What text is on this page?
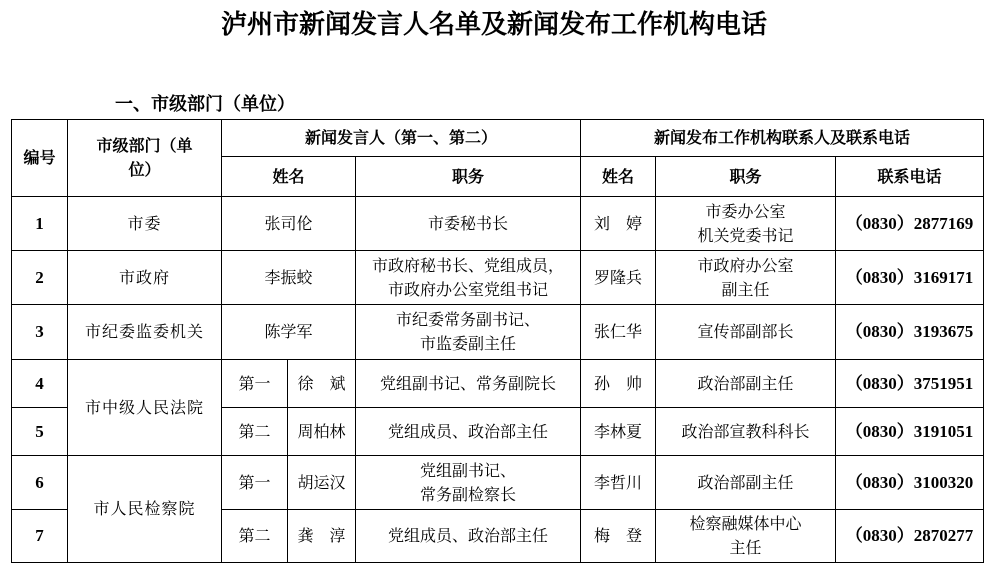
泸州市新闻发言人名单及新闻发布工作机构电话
一、市级部门（单位）
编号	市级部门（单位）	新闻发言人（第一、第二）			新闻发布工作机构联系人及联系电话		
		姓名		职务	姓名	职务	联系电话

1	市委	张司伦		市委秘书长	刘　婷	市委办公室
机关党委书记	（0830）2877169

2	市政府	李振蛟		市政府秘书长、党组成员，
市政府办公室党组书记	罗隆兵	市政府办公室
副主任	（0830）3169171

3	市纪委监委机关	陈学军		市纪委常务副书记、
市监委副主任	张仁华	宣传部副部长	（0830）3193675

4	市中级人民法院	第一	徐　斌	党组副书记、常务副院长	孙　帅	政治部副主任	（0830）3751951

5		第二	周柏林	党组成员、政治部主任	李林夏	政治部宣教科科长	（0830）3191051

6	市人民检察院	第一	胡运汉	党组副书记、
常务副检察长	李哲川	政治部副主任	（0830）3100320

7		第二	龚　淳	党组成员、政治部主任	梅　登	检察融媒体中心
主任	（0830）2870277
